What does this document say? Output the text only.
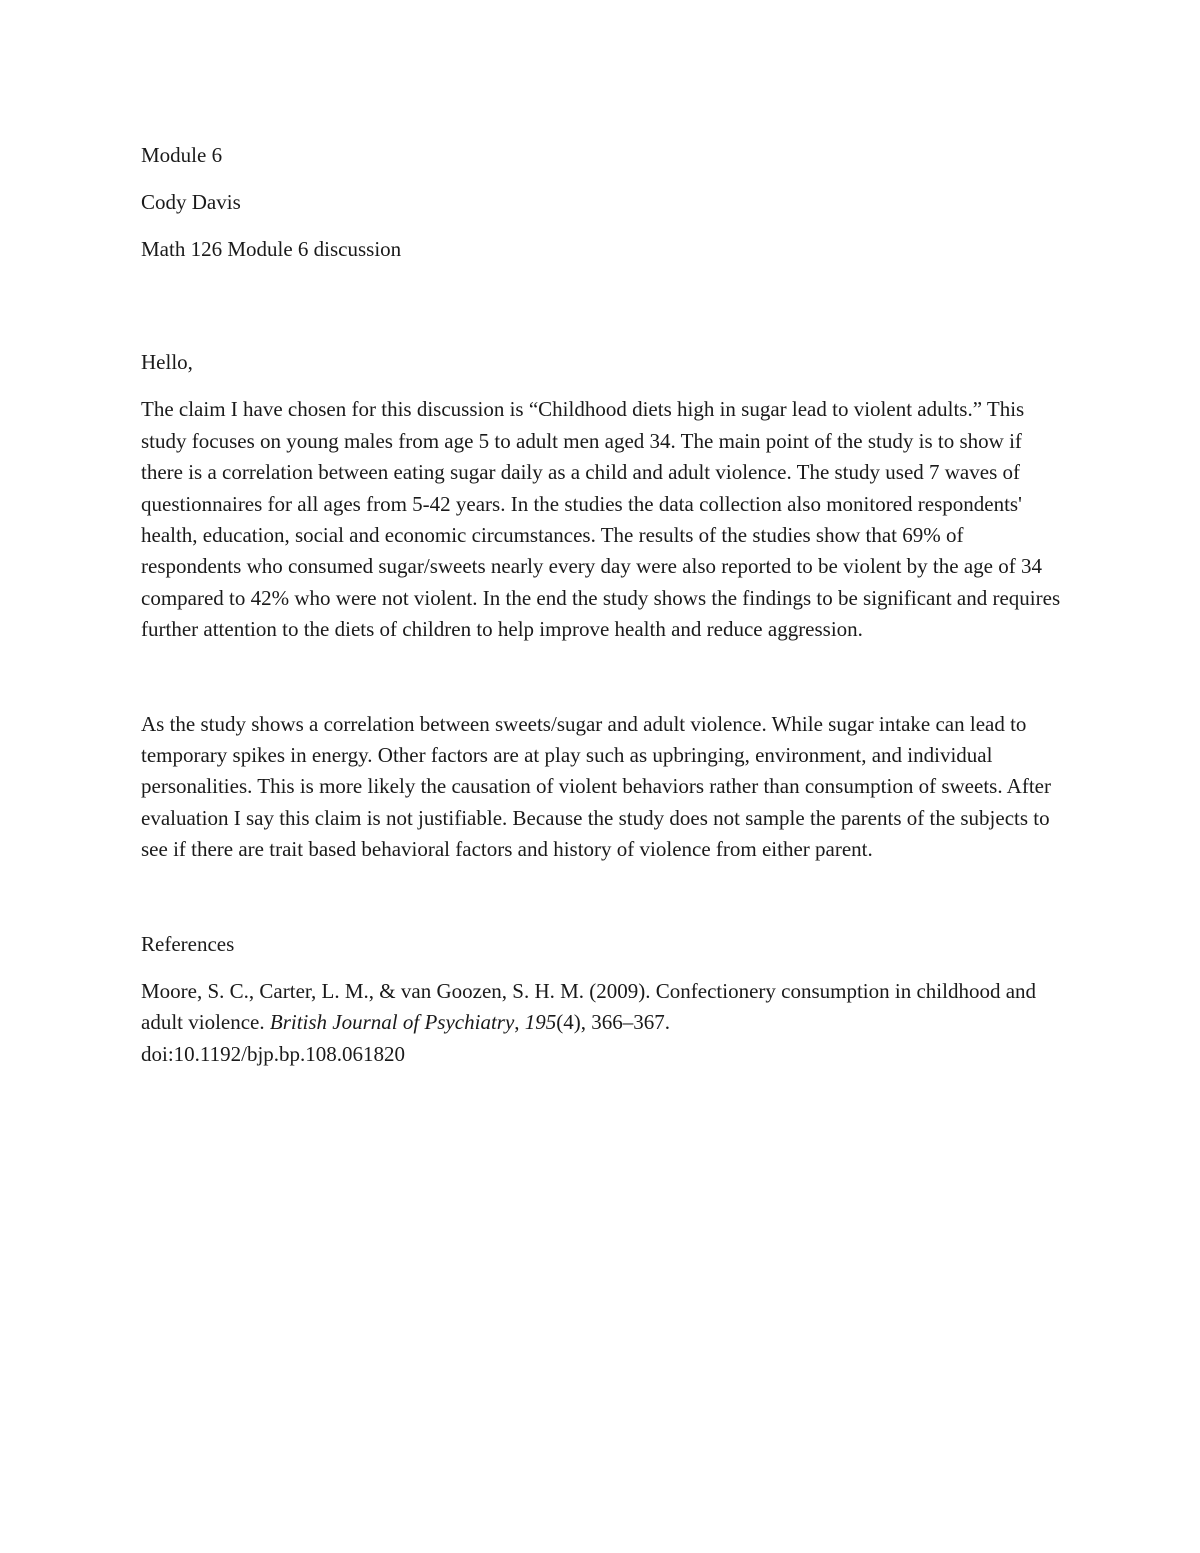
Module 6

Cody Davis

Math 126 Module 6 discussion

Hello,

The claim I have chosen for this discussion is “Childhood diets high in sugar lead to violent adults.” This study focuses on young males from age 5 to adult men aged 34. The main point of the study is to show if there is a correlation between eating sugar daily as a child and adult violence. The study used 7 waves of questionnaires for all ages from 5-42 years. In the studies the data collection also monitored respondents' health, education, social and economic circumstances. The results of the studies show that 69% of respondents who consumed sugar/sweets nearly every day were also reported to be violent by the age of 34 compared to 42% who were not violent. In the end the study shows the findings to be significant and requires further attention to the diets of children to help improve health and reduce aggression.

As the study shows a correlation between sweets/sugar and adult violence. While sugar intake can lead to temporary spikes in energy. Other factors are at play such as upbringing, environment, and individual personalities. This is more likely the causation of violent behaviors rather than consumption of sweets. After evaluation I say this claim is not justifiable. Because the study does not sample the parents of the subjects to see if there are trait based behavioral factors and history of violence from either parent.

References

Moore, S. C., Carter, L. M., & van Goozen, S. H. M. (2009). Confectionery consumption in childhood and adult violence. British Journal of Psychiatry, 195(4), 366–367.
doi:10.1192/bjp.bp.108.061820
